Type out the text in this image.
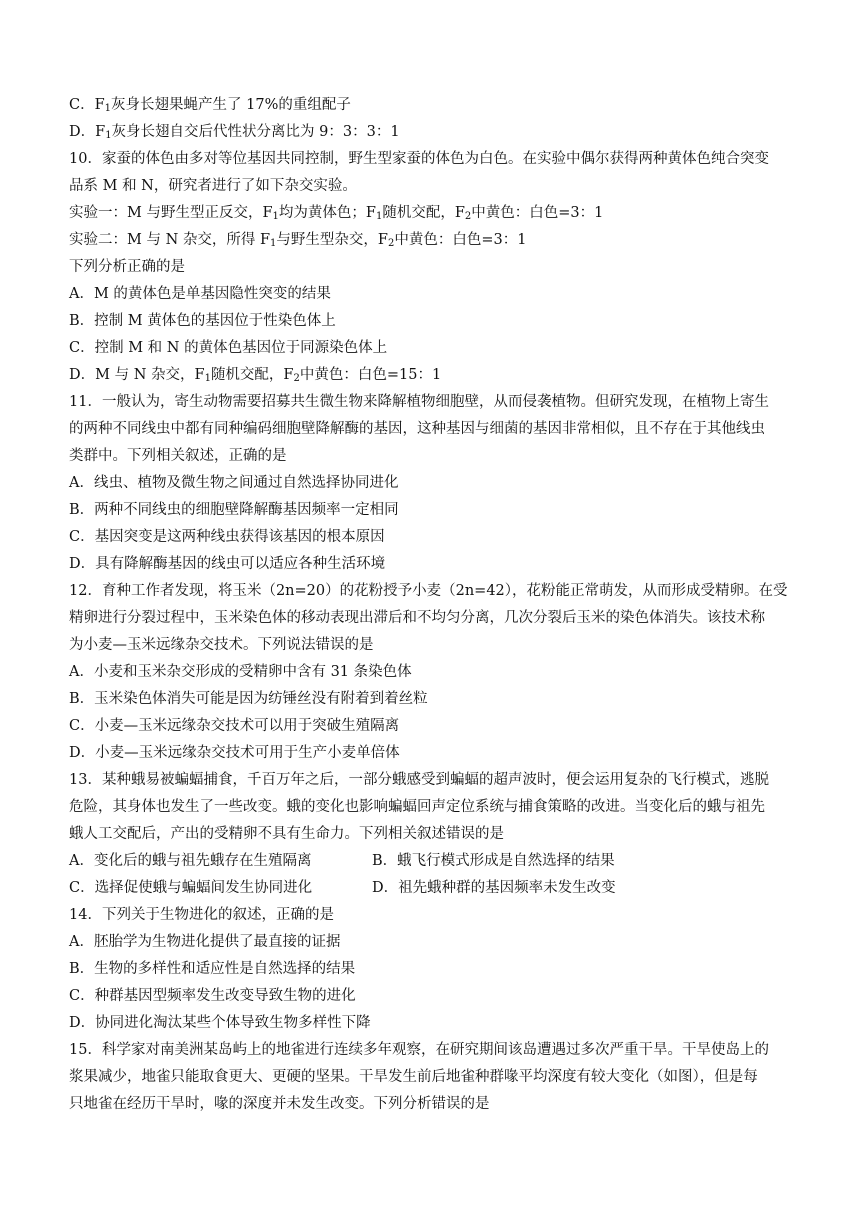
C．$F_1$灰身长翅果蝇产生了 17%的重组配子
D．$F_1$灰身长翅自交后代性状分离比为 9：3：3：1
10．家蚕的体色由多对等位基因共同控制，野生型家蚕的体色为白色。在实验中偶尔获得两种黄体色纯合突变
品系 M 和 N，研究者进行了如下杂交实验。
实验一：M 与野生型正反交，$F_1$均为黄体色；$F_1$随机交配，$F_2$中黄色：白色=3：1
实验二：M 与 N 杂交，所得 $F_1$与野生型杂交，$F_2$中黄色：白色=3：1
下列分析正确的是
A．M 的黄体色是单基因隐性突变的结果
B．控制 M 黄体色的基因位于性染色体上
C．控制 M 和 N 的黄体色基因位于同源染色体上
D．M 与 N 杂交，$F_1$随机交配，$F_2$中黄色：白色=15：1
11．一般认为，寄生动物需要招募共生微生物来降解植物细胞壁，从而侵袭植物。但研究发现，在植物上寄生
的两种不同线虫中都有同种编码细胞壁降解酶的基因，这种基因与细菌的基因非常相似，且不存在于其他线虫
类群中。下列相关叙述，正确的是
A．线虫、植物及微生物之间通过自然选择协同进化
B．两种不同线虫的细胞壁降解酶基因频率一定相同
C．基因突变是这两种线虫获得该基因的根本原因
D．具有降解酶基因的线虫可以适应各种生活环境
12．育种工作者发现，将玉米（2n=20）的花粉授予小麦（2n=42），花粉能正常萌发，从而形成受精卵。在受
精卵进行分裂过程中，玉米染色体的移动表现出滞后和不均匀分离，几次分裂后玉米的染色体消失。该技术称
为小麦—玉米远缘杂交技术。下列说法错误的是
A．小麦和玉米杂交形成的受精卵中含有 31 条染色体
B．玉米染色体消失可能是因为纺锤丝没有附着到着丝粒
C．小麦—玉米远缘杂交技术可以用于突破生殖隔离
D．小麦—玉米远缘杂交技术可用于生产小麦单倍体
13．某种蛾易被蝙蝠捕食，千百万年之后，一部分蛾感受到蝙蝠的超声波时，便会运用复杂的飞行模式，逃脱
危险，其身体也发生了一些改变。蛾的变化也影响蝙蝠回声定位系统与捕食策略的改进。当变化后的蛾与祖先
蛾人工交配后，产出的受精卵不具有生命力。下列相关叙述错误的是
A．变化后的蛾与祖先蛾存在生殖隔离	B．蛾飞行模式形成是自然选择的结果
C．选择促使蛾与蝙蝠间发生协同进化	D．祖先蛾种群的基因频率未发生改变
14．下列关于生物进化的叙述，正确的是
A．胚胎学为生物进化提供了最直接的证据
B．生物的多样性和适应性是自然选择的结果
C．种群基因型频率发生改变导致生物的进化
D．协同进化淘汰某些个体导致生物多样性下降
15．科学家对南美洲某岛屿上的地雀进行连续多年观察，在研究期间该岛遭遇过多次严重干旱。干旱使岛上的
浆果减少，地雀只能取食更大、更硬的坚果。干旱发生前后地雀种群喙平均深度有较大变化（如图），但是每
只地雀在经历干旱时，喙的深度并未发生改变。下列分析错误的是
